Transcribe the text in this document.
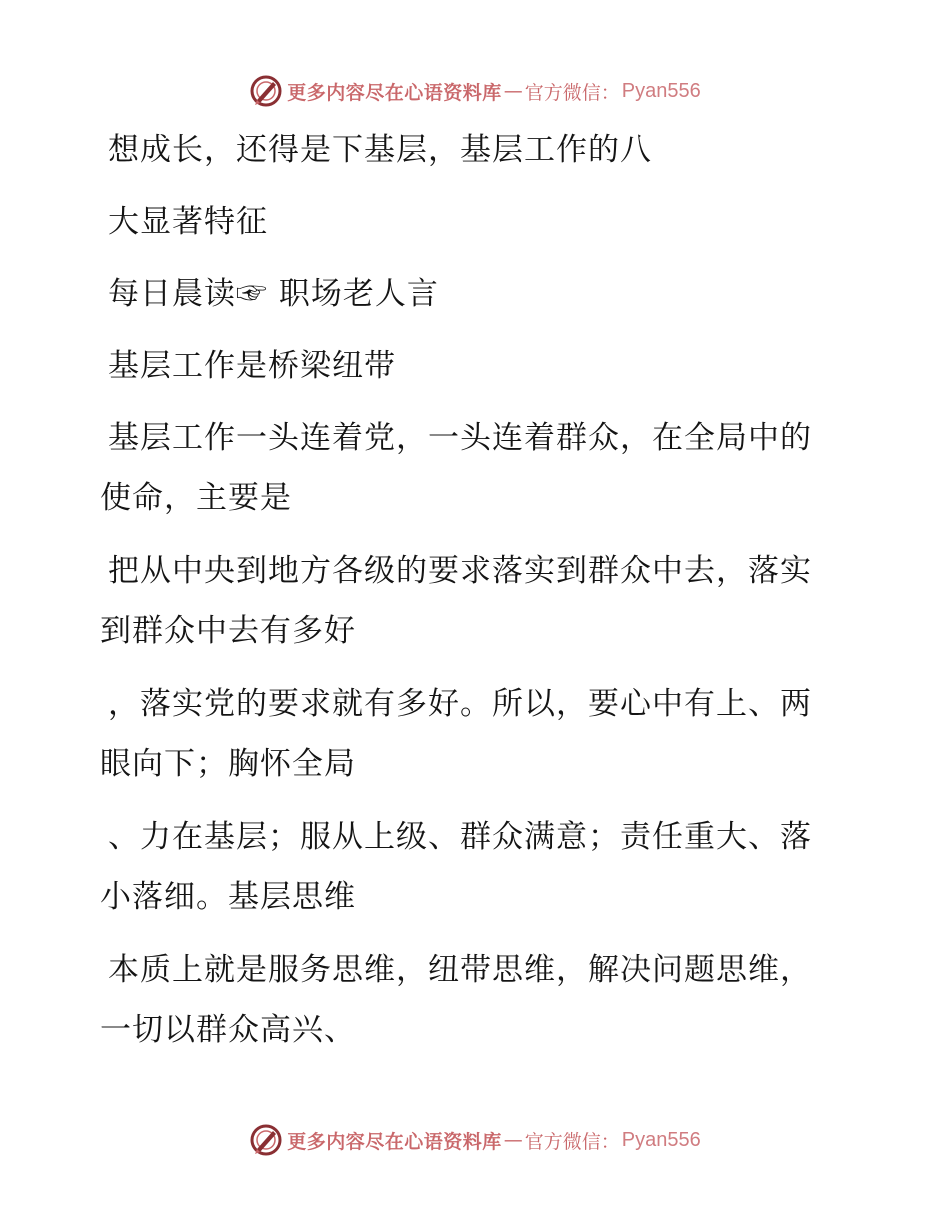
更多内容尽在心语资料库 — 官方微信： Pyan556

想成长，还得是下基层，基层工作的八

大显著特征

每日晨读☞ 职场老人言

基层工作是桥梁纽带

基层工作一头连着党，一头连着群众，在全局中的使命，主要是

把从中央到地方各级的要求落实到群众中去，落实到群众中去有多好

，落实党的要求就有多好。所以，要心中有上、两眼向下；胸怀全局

、力在基层；服从上级、群众满意；责任重大、落小落细。基层思维

本质上就是服务思维，纽带思维，解决问题思维，一切以群众高兴、

更多内容尽在心语资料库 — 官方微信： Pyan556
